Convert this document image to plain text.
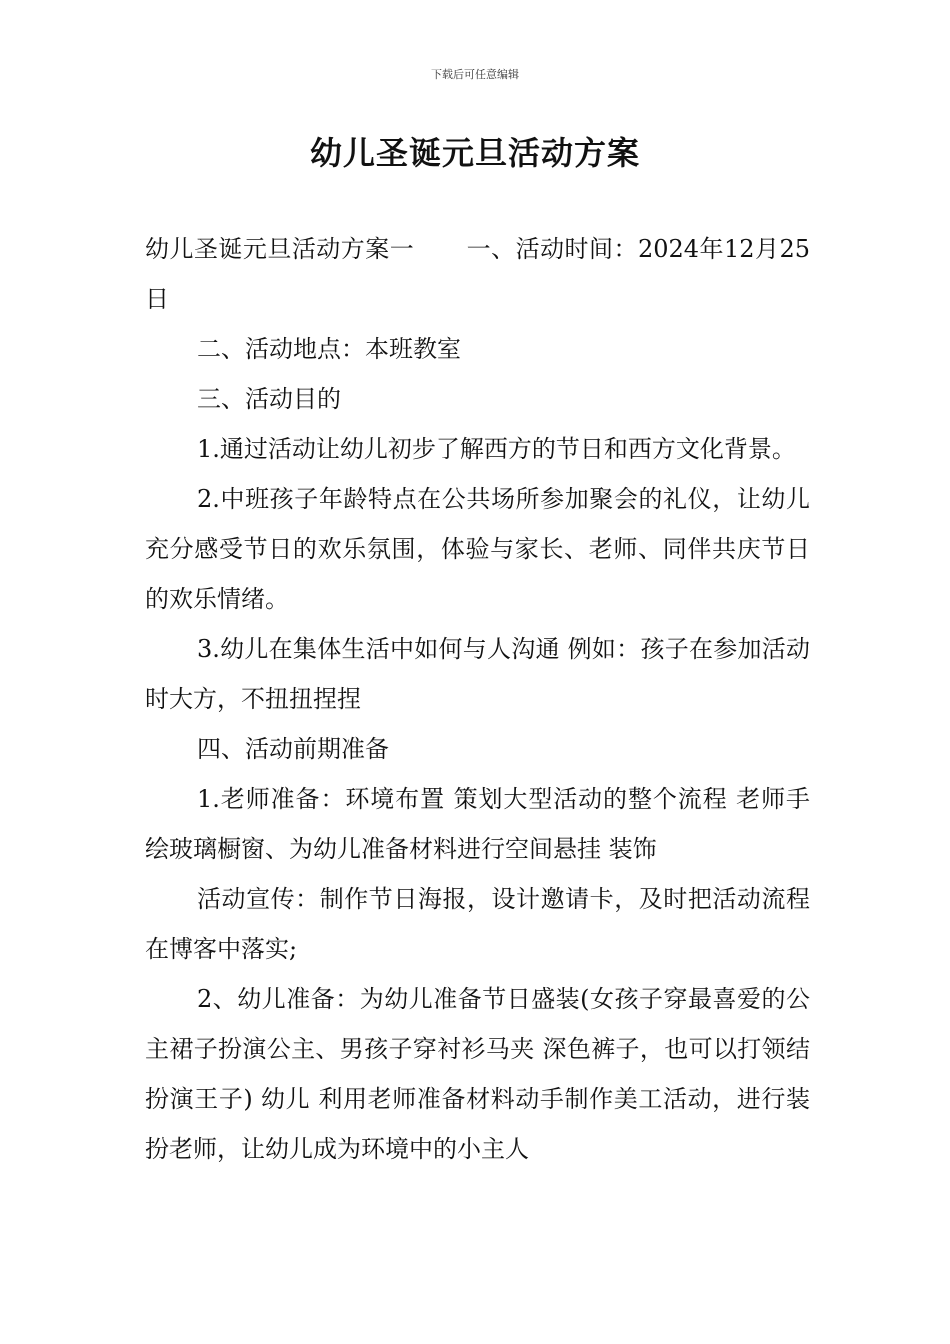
下载后可任意编辑
幼儿圣诞元旦活动方案

幼儿圣诞元旦活动方案一 一、活动时间：2024年12月25日

二、活动地点：本班教室

三、活动目的

1.通过活动让幼儿初步了解西方的节日和西方文化背景。

2.中班孩子年龄特点在公共场所参加聚会的礼仪，让幼儿充分感受节日的欢乐氛围，体验与家长、老师、同伴共庆节日的欢乐情绪。

3.幼儿在集体生活中如何与人沟通 例如：孩子在参加活动时大方，不扭扭捏捏

四、活动前期准备

1.老师准备：环境布置 策划大型活动的整个流程 老师手绘玻璃橱窗、为幼儿准备材料进行空间悬挂 装饰

活动宣传：制作节日海报，设计邀请卡，及时把活动流程在博客中落实;

2、幼儿准备：为幼儿准备节日盛装(女孩子穿最喜爱的公主裙子扮演公主、男孩子穿衬衫马夹 深色裤子，也可以打领结扮演王子) 幼儿 利用老师准备材料动手制作美工活动，进行装扮老师，让幼儿成为环境中的小主人
